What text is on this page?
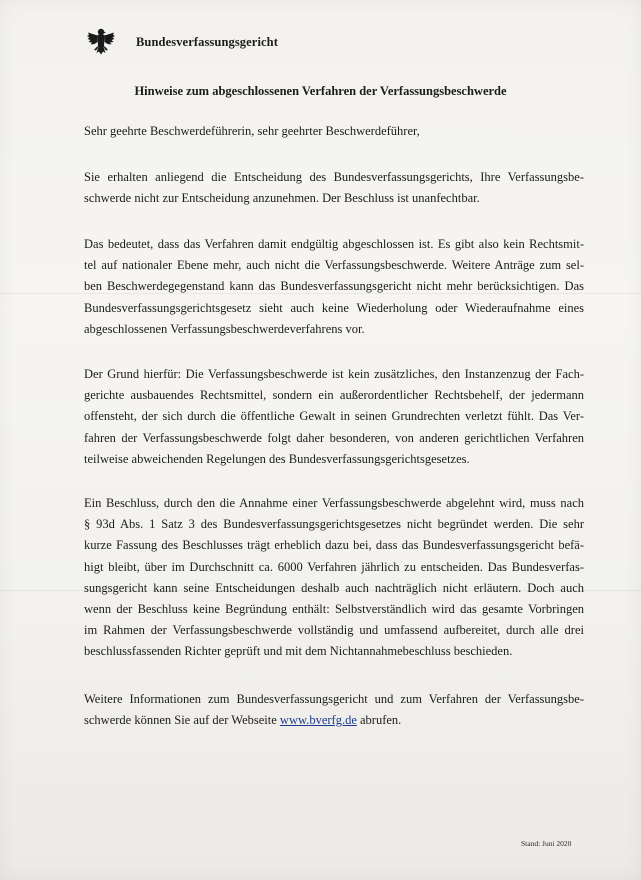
Bundesverfassungsgericht
Hinweise zum abgeschlossenen Verfahren der Verfassungsbeschwerde

Sehr geehrte Beschwerdeführerin, sehr geehrter Beschwerdeführer,

Sie erhalten anliegend die Entscheidung des Bundesverfassungsgerichts, Ihre Verfassungsbe-
schwerde nicht zur Entscheidung anzunehmen. Der Beschluss ist unanfechtbar.

Das bedeutet, dass das Verfahren damit endgültig abgeschlossen ist. Es gibt also kein Rechtsmit-
tel auf nationaler Ebene mehr, auch nicht die Verfassungsbeschwerde. Weitere Anträge zum sel-
ben Beschwerdegegenstand kann das Bundesverfassungsgericht nicht mehr berücksichtigen. Das
Bundesverfassungsgerichtsgesetz sieht auch keine Wiederholung oder Wiederaufnahme eines
abgeschlossenen Verfassungsbeschwerdeverfahrens vor.

Der Grund hierfür: Die Verfassungsbeschwerde ist kein zusätzliches, den Instanzenzug der Fach-
gerichte ausbauendes Rechtsmittel, sondern ein außerordentlicher Rechtsbehelf, der jedermann
offensteht, der sich durch die öffentliche Gewalt in seinen Grundrechten verletzt fühlt. Das Ver-
fahren der Verfassungsbeschwerde folgt daher besonderen, von anderen gerichtlichen Verfahren
teilweise abweichenden Regelungen des Bundesverfassungsgerichtsgesetzes.

Ein Beschluss, durch den die Annahme einer Verfassungsbeschwerde abgelehnt wird, muss nach
§ 93d Abs. 1 Satz 3 des Bundesverfassungsgerichtsgesetzes nicht begründet werden. Die sehr
kurze Fassung des Beschlusses trägt erheblich dazu bei, dass das Bundesverfassungsgericht befä-
higt bleibt, über im Durchschnitt ca. 6000 Verfahren jährlich zu entscheiden. Das Bundesverfas-
sungsgericht kann seine Entscheidungen deshalb auch nachträglich nicht erläutern. Doch auch
wenn der Beschluss keine Begründung enthält: Selbstverständlich wird das gesamte Vorbringen
im Rahmen der Verfassungsbeschwerde vollständig und umfassend aufbereitet, durch alle drei
beschlussfassenden Richter geprüft und mit dem Nichtannahmebeschluss beschieden.

Weitere Informationen zum Bundesverfassungsgericht und zum Verfahren der Verfassungsbe-
schwerde können Sie auf der Webseite www.bverfg.de abrufen.

Stand: Juni 2020
